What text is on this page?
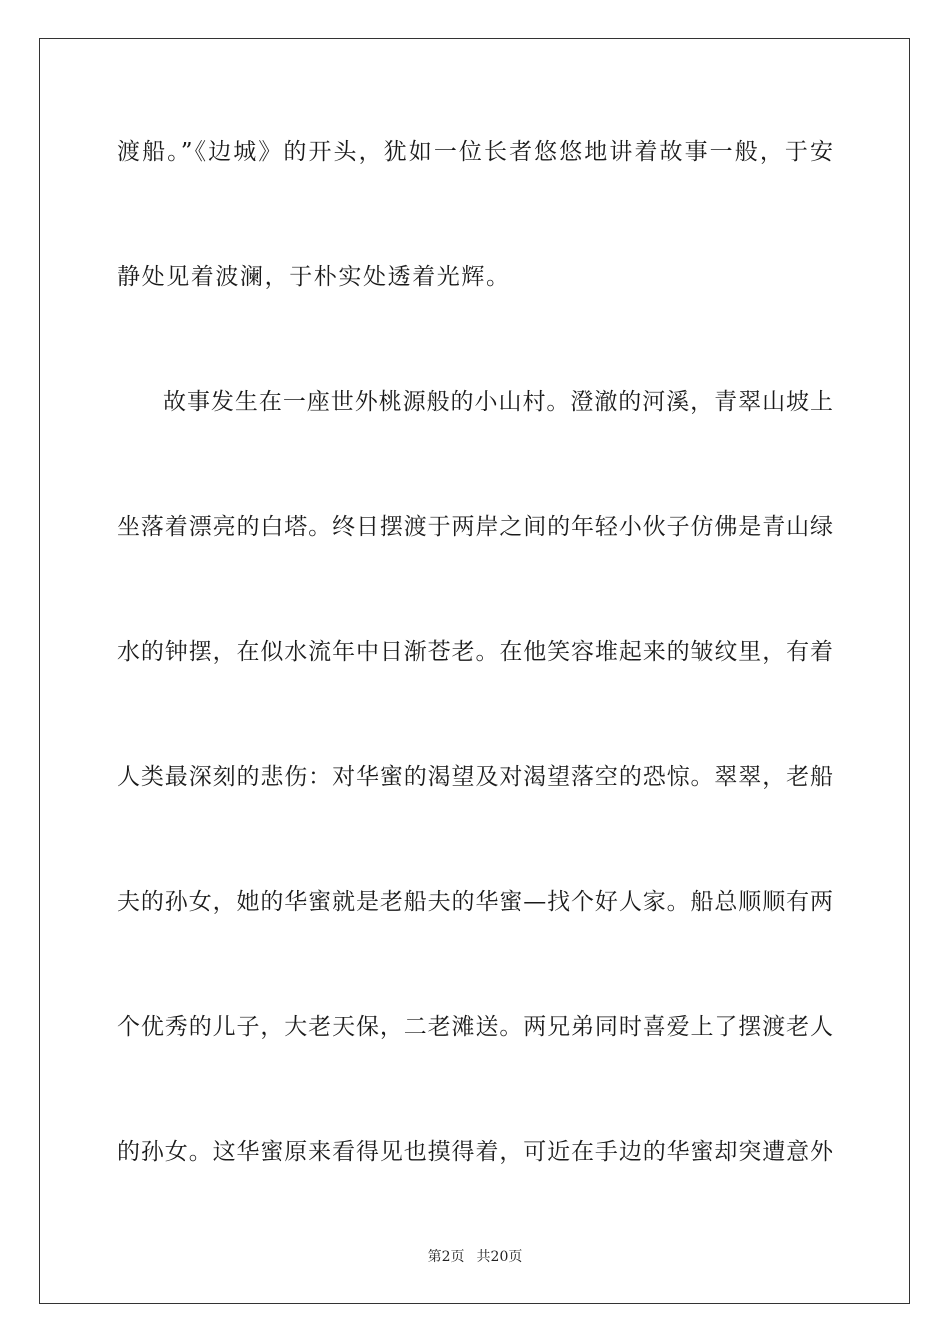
渡船。”《边城》的开头，犹如一位长者悠悠地讲着故事一般，于安
静处见着波澜，于朴实处透着光辉。
故事发生在一座世外桃源般的小山村。澄澈的河溪，青翠山坡上
坐落着漂亮的白塔。终日摆渡于两岸之间的年轻小伙子仿佛是青山绿
水的钟摆，在似水流年中日渐苍老。在他笑容堆起来的皱纹里，有着
人类最深刻的悲伤：对华蜜的渴望及对渴望落空的恐惊。翠翠，老船
夫的孙女，她的华蜜就是老船夫的华蜜—找个好人家。船总顺顺有两
个优秀的儿子，大老天保，二老滩送。两兄弟同时喜爱上了摆渡老人
的孙女。这华蜜原来看得见也摸得着，可近在手边的华蜜却突遭意外
第2页 共20页
